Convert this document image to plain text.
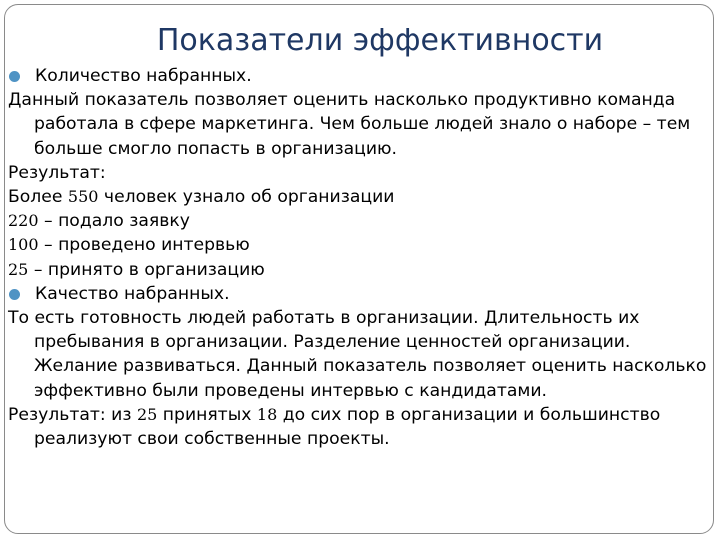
Показатели эффективности
Количество набранных.
Данный показатель позволяет оценить насколько продуктивно команда работала в сфере маркетинга. Чем больше людей знало о наборе – тем больше смогло попасть в организацию.
Результат:
Более 550 человек узнало об организации
220 – подало заявку
100 – проведено интервью
25 – принято в организацию
Качество набранных.
То есть готовность людей работать в организации. Длительность их пребывания в организации. Разделение ценностей организации. Желание развиваться. Данный показатель позволяет оценить насколько эффективно были проведены интервью с кандидатами.
Результат: из 25 принятых 18 до сих пор в организации и большинство реализуют свои собственные проекты.
